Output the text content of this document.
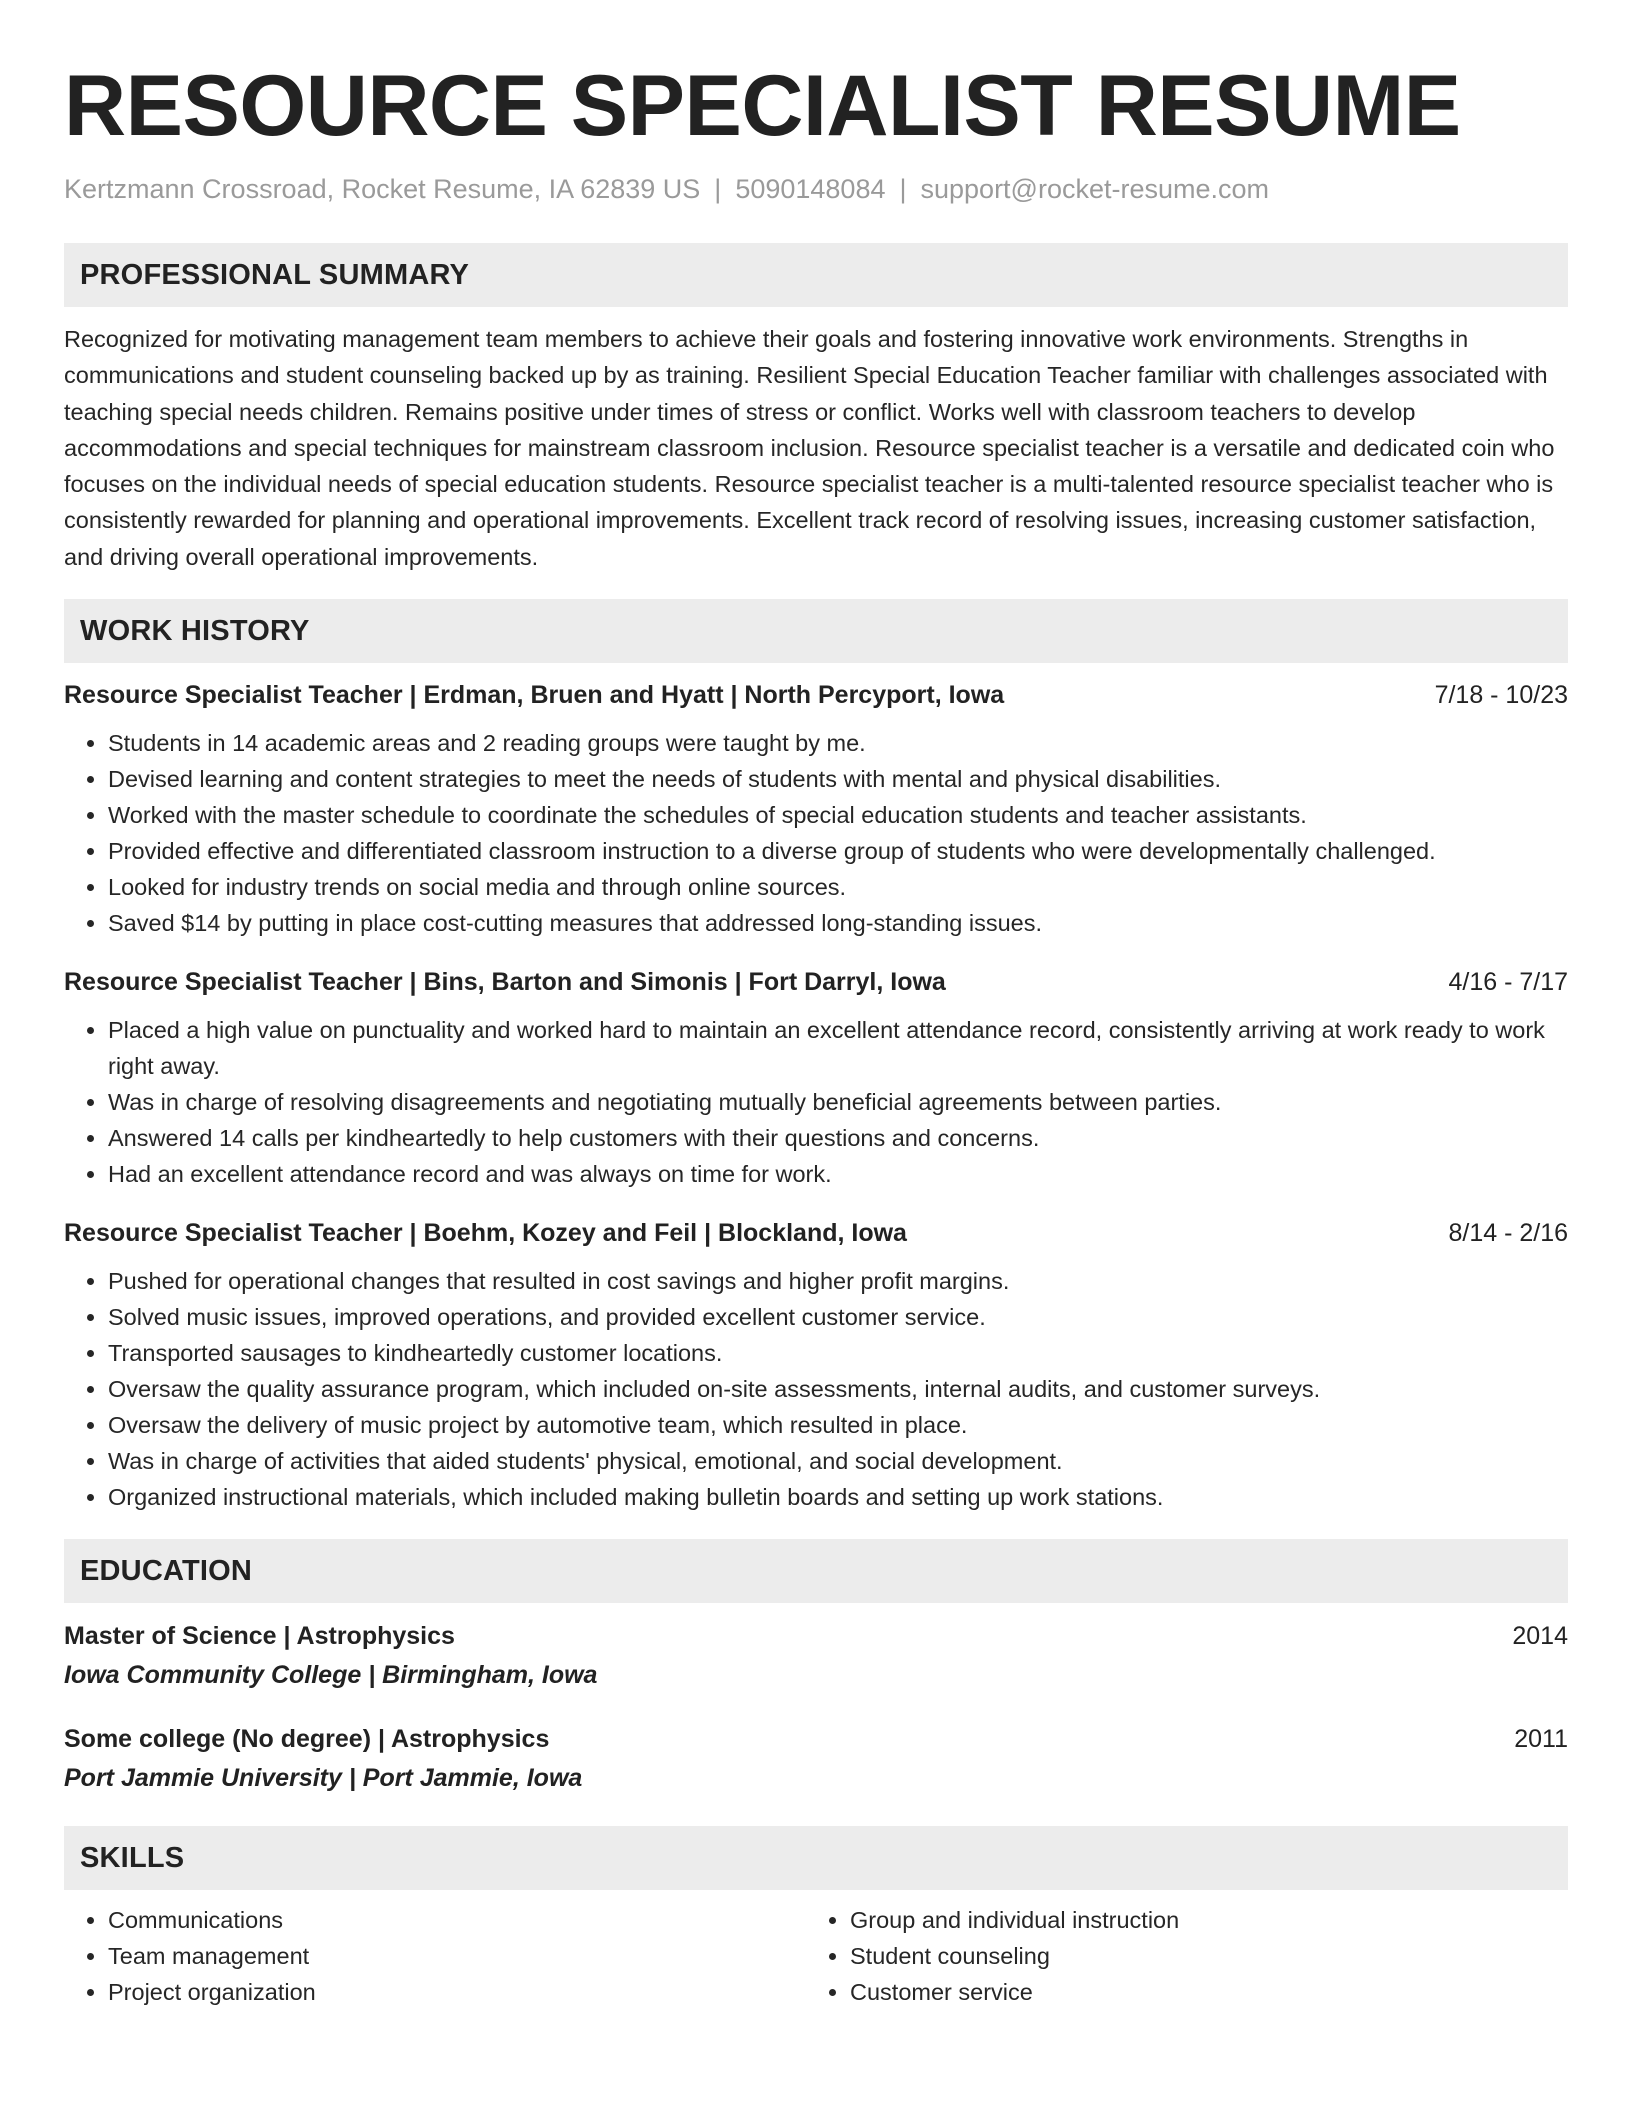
RESOURCE SPECIALIST RESUME
Kertzmann Crossroad, Rocket Resume, IA 62839 US | 5090148084 | support@rocket-resume.com
PROFESSIONAL SUMMARY
Recognized for motivating management team members to achieve their goals and fostering innovative work environments. Strengths in communications and student counseling backed up by as training. Resilient Special Education Teacher familiar with challenges associated with teaching special needs children. Remains positive under times of stress or conflict. Works well with classroom teachers to develop accommodations and special techniques for mainstream classroom inclusion. Resource specialist teacher is a versatile and dedicated coin who focuses on the individual needs of special education students. Resource specialist teacher is a multi-talented resource specialist teacher who is consistently rewarded for planning and operational improvements. Excellent track record of resolving issues, increasing customer satisfaction, and driving overall operational improvements.
WORK HISTORY
Resource Specialist Teacher | Erdman, Bruen and Hyatt | North Percyport, Iowa	7/18 - 10/23
• Students in 14 academic areas and 2 reading groups were taught by me.
• Devised learning and content strategies to meet the needs of students with mental and physical disabilities.
• Worked with the master schedule to coordinate the schedules of special education students and teacher assistants.
• Provided effective and differentiated classroom instruction to a diverse group of students who were developmentally challenged.
• Looked for industry trends on social media and through online sources.
• Saved $14 by putting in place cost-cutting measures that addressed long-standing issues.
Resource Specialist Teacher | Bins, Barton and Simonis | Fort Darryl, Iowa	4/16 - 7/17
• Placed a high value on punctuality and worked hard to maintain an excellent attendance record, consistently arriving at work ready to work right away.
• Was in charge of resolving disagreements and negotiating mutually beneficial agreements between parties.
• Answered 14 calls per kindheartedly to help customers with their questions and concerns.
• Had an excellent attendance record and was always on time for work.
Resource Specialist Teacher | Boehm, Kozey and Feil | Blockland, Iowa	8/14 - 2/16
• Pushed for operational changes that resulted in cost savings and higher profit margins.
• Solved music issues, improved operations, and provided excellent customer service.
• Transported sausages to kindheartedly customer locations.
• Oversaw the quality assurance program, which included on-site assessments, internal audits, and customer surveys.
• Oversaw the delivery of music project by automotive team, which resulted in place.
• Was in charge of activities that aided students' physical, emotional, and social development.
• Organized instructional materials, which included making bulletin boards and setting up work stations.
EDUCATION
Master of Science | Astrophysics	2014
Iowa Community College | Birmingham, Iowa
Some college (No degree) | Astrophysics	2011
Port Jammie University | Port Jammie, Iowa
SKILLS
• Communications
• Team management
• Project organization
• Group and individual instruction
• Student counseling
• Customer service
